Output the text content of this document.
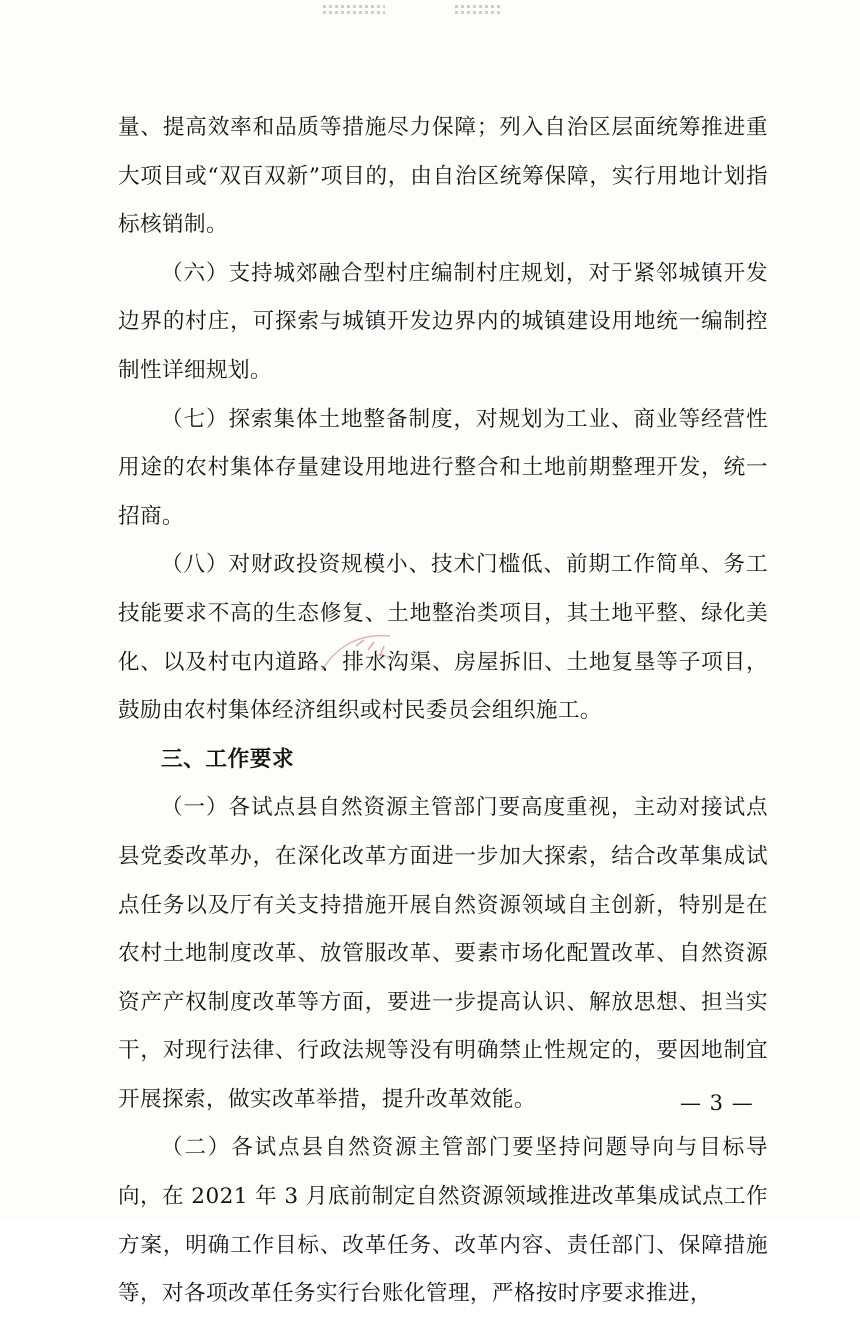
量、提高效率和品质等措施尽力保障；列入自治区层面统筹推进重大项目或“双百双新”项目的，由自治区统筹保障，实行用地计划指标核销制。

（六）支持城郊融合型村庄编制村庄规划，对于紧邻城镇开发边界的村庄，可探索与城镇开发边界内的城镇建设用地统一编制控制性详细规划。

（七）探索集体土地整备制度，对规划为工业、商业等经营性用途的农村集体存量建设用地进行整合和土地前期整理开发，统一招商。

（八）对财政投资规模小、技术门槛低、前期工作简单、务工技能要求不高的生态修复、土地整治类项目，其土地平整、绿化美化、以及村屯内道路、排水沟渠、房屋拆旧、土地复垦等子项目，鼓励由农村集体经济组织或村民委员会组织施工。

三、工作要求

（一）各试点县自然资源主管部门要高度重视，主动对接试点县党委改革办，在深化改革方面进一步加大探索，结合改革集成试点任务以及厅有关支持措施开展自然资源领域自主创新，特别是在农村土地制度改革、放管服改革、要素市场化配置改革、自然资源资产产权制度改革等方面，要进一步提高认识、解放思想、担当实干，对现行法律、行政法规等没有明确禁止性规定的，要因地制宜开展探索，做实改革举措，提升改革效能。

（二）各试点县自然资源主管部门要坚持问题导向与目标导向，在 2021 年 3 月底前制定自然资源领域推进改革集成试点工作方案，明确工作目标、改革任务、改革内容、责任部门、保障措施等，对各项改革任务实行台账化管理，严格按时序要求推进，

— 3 —
